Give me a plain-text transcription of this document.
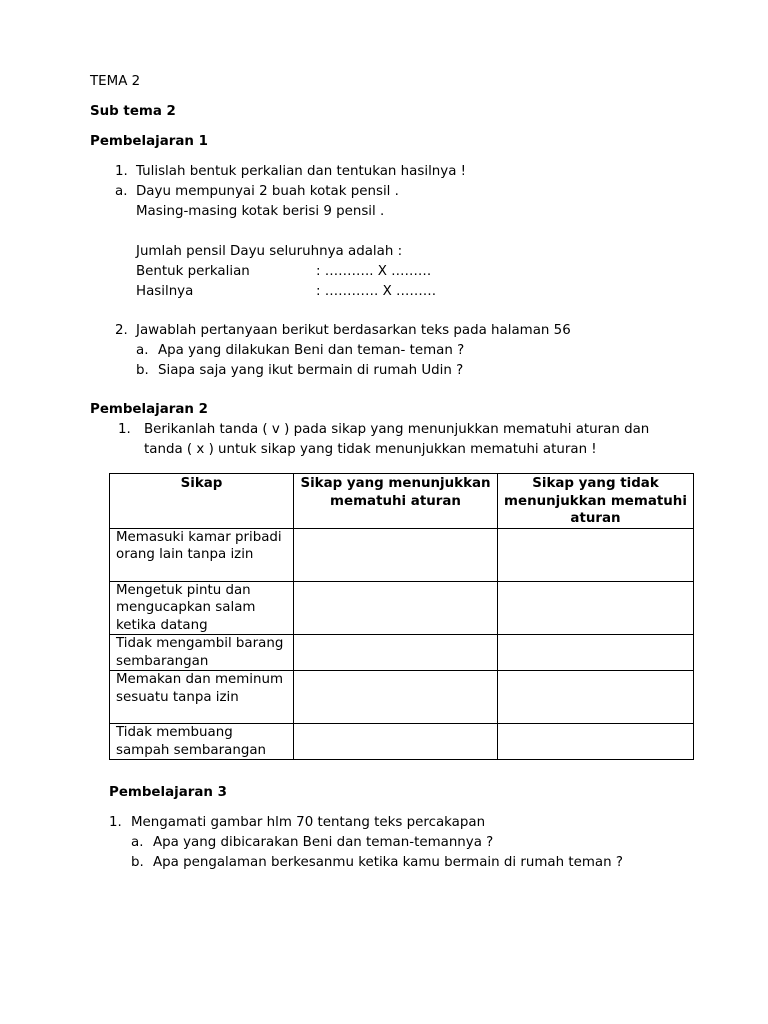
TEMA 2
Sub tema 2
Pembelajaran 1
1. Tulislah bentuk perkalian dan tentukan hasilnya !
a. Dayu mempunyai 2 buah kotak pensil .
Masing-masing kotak berisi 9 pensil .
Jumlah pensil Dayu seluruhnya adalah :
Bentuk perkalian	: ……….. X ………
Hasilnya	: ………… X ………
2. Jawablah pertanyaan berikut berdasarkan teks pada halaman 56
a. Apa yang dilakukan Beni dan teman- teman ?
b. Siapa saja yang ikut bermain di rumah Udin ?
Pembelajaran 2
1. Berikanlah tanda ( v ) pada sikap yang menunjukkan mematuhi aturan dan
tanda ( x ) untuk sikap yang tidak menunjukkan mematuhi aturan !
Sikap	Sikap yang menunjukkan mematuhi aturan	Sikap yang tidak menunjukkan mematuhi aturan
Memasuki kamar pribadi orang lain tanpa izin		
Mengetuk pintu dan mengucapkan salam ketika datang		
Tidak mengambil barang sembarangan		
Memakan dan meminum sesuatu tanpa izin		
Tidak membuang sampah sembarangan		
Pembelajaran 3
1. Mengamati gambar hlm 70 tentang teks percakapan
a. Apa yang dibicarakan Beni dan teman-temannya ?
b. Apa pengalaman berkesanmu ketika kamu bermain di rumah teman ?
